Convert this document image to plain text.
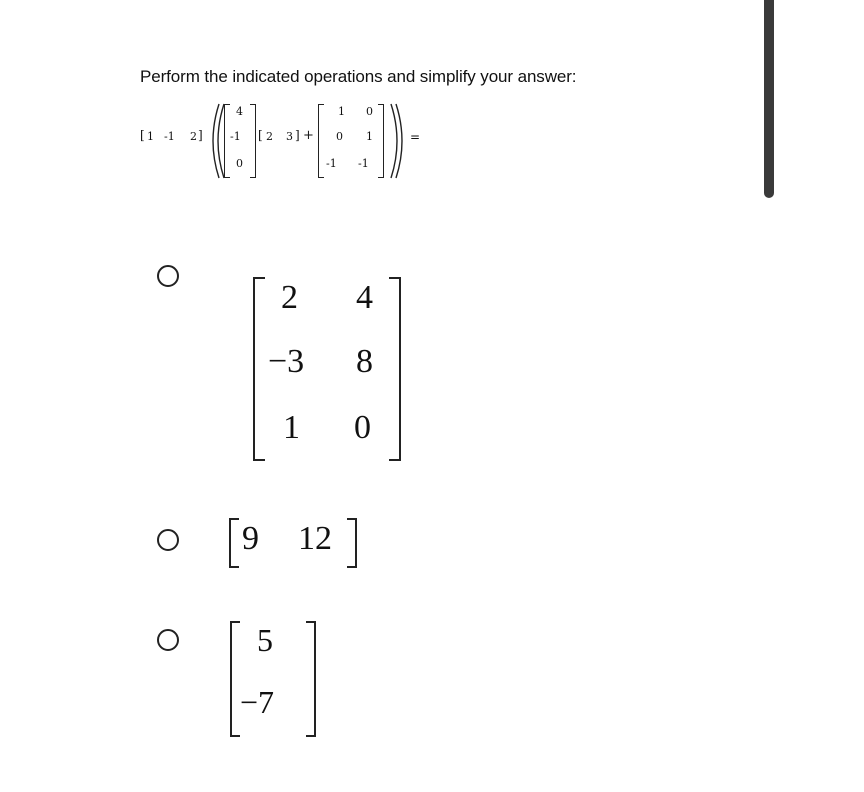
Perform the indicated operations and simplify your answer:
[ 1 -1 2 ]
4
-1
0
[ 2 3 ] +
1 0
0 1
-1 -1
=
2 4
−3 8
1 0
9 12
5
−7
